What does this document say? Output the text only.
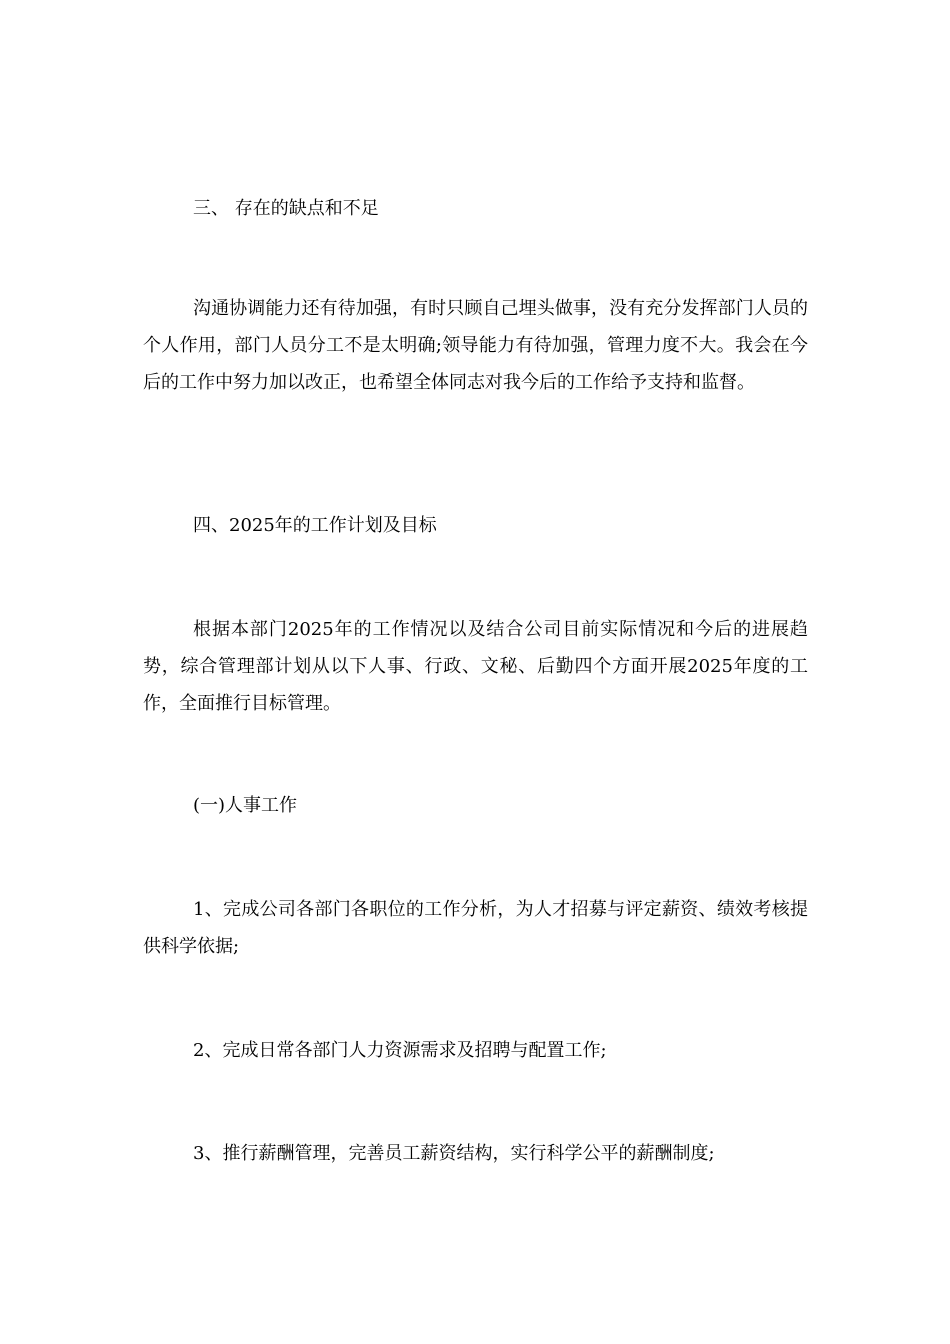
三、 存在的缺点和不足

沟通协调能力还有待加强，有时只顾自己埋头做事，没有充分发挥部门人员的个人作用，部门人员分工不是太明确;领导能力有待加强，管理力度不大。我会在今后的工作中努力加以改正，也希望全体同志对我今后的工作给予支持和监督。

四、2025年的工作计划及目标

根据本部门2025年的工作情况以及结合公司目前实际情况和今后的进展趋势，综合管理部计划从以下人事、行政、文秘、后勤四个方面开展2025年度的工作，全面推行目标管理。

(一)人事工作

1、完成公司各部门各职位的工作分析，为人才招募与评定薪资、绩效考核提供科学依据;

2、完成日常各部门人力资源需求及招聘与配置工作;

3、推行薪酬管理，完善员工薪资结构，实行科学公平的薪酬制度;
